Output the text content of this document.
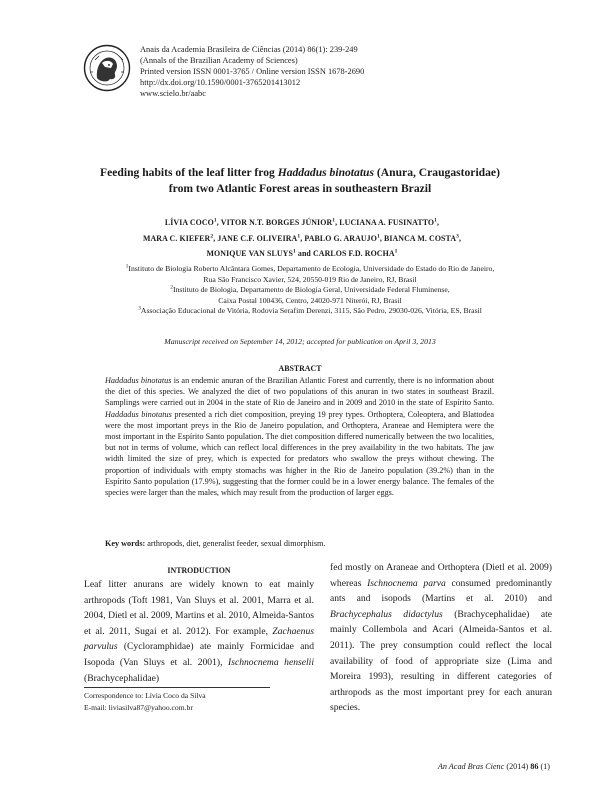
Anais da Academia Brasileira de Ciências (2014) 86(1): 239-249
(Annals of the Brazilian Academy of Sciences)
Printed version ISSN 0001-3765 / Online version ISSN 1678-2690
http://dx.doi.org/10.1590/0001-3765201413012
www.scielo.br/aabc
Feeding habits of the leaf litter frog Haddadus binotatus (Anura, Craugastoridae) from two Atlantic Forest areas in southeastern Brazil
LÍVIA COCO$^1$, VITOR N.T. BORGES JÚNIOR$^1$, LUCIANA A. FUSINATTO$^1$,
MARA C. KIEFER$^2$, JANE C.F. OLIVEIRA$^1$, PABLO G. ARAUJO$^1$, BIANCA M. COSTA$^3$,
MONIQUE VAN SLUYS$^1$ and CARLOS F.D. ROCHA$^1$
$^1$Instituto de Biologia Roberto Alcântara Gomes, Departamento de Ecologia, Universidade do Estado do Rio de Janeiro,
Rua São Francisco Xavier, 524, 20550-019 Rio de Janeiro, RJ, Brasil
$^2$Instituto de Biologia, Departamento de Biologia Geral, Universidade Federal Fluminense,
Caixa Postal 100436, Centro, 24020-971 Niterói, RJ, Brasil
$^3$Associação Educacional de Vitória, Rodovia Serafim Derenzi, 3115, São Pedro, 29030-026, Vitória, ES, Brasil
Manuscript received on September 14, 2012; accepted for publication on April 3, 2013
ABSTRACT
Haddadus binotatus is an endemic anuran of the Brazilian Atlantic Forest and currently, there is no information about the diet of this species. We analyzed the diet of two populations of this anuran in two states in southeast Brazil. Samplings were carried out in 2004 in the state of Rio de Janeiro and in 2009 and 2010 in the state of Espírito Santo. Haddadus binotatus presented a rich diet composition, preying 19 prey types. Orthoptera, Coleoptera, and Blattodea were the most important preys in the Rio de Janeiro population, and Orthoptera, Araneae and Hemiptera were the most important in the Espírito Santo population. The diet composition differed numerically between the two localities, but not in terms of volume, which can reflect local differences in the prey availability in the two habitats. The jaw width limited the size of prey, which is expected for predators who swallow the preys without chewing. The proportion of individuals with empty stomachs was higher in the Rio de Janeiro population (39.2%) than in the Espírito Santo population (17.9%), suggesting that the former could be in a lower energy balance. The females of the species were larger than the males, which may result from the production of larger eggs.
Key words: arthropods, diet, generalist feeder, sexual dimorphism.
INTRODUCTION
Leaf litter anurans are widely known to eat mainly arthropods (Toft 1981, Van Sluys et al. 2001, Marra et al. 2004, Dietl et al. 2009, Martins et al. 2010, Almeida-Santos et al. 2011, Sugai et al. 2012). For example, Zachaenus parvulus (Cycloramphidae) ate mainly Formicidae and Isopoda (Van Sluys et al. 2001), Ischnocnema henselii (Brachycephalidae)
fed mostly on Araneae and Orthoptera (Dietl et al. 2009) whereas Ischnocnema parva consumed predominantly ants and isopods (Martins et al. 2010) and Brachycephalus didactylus (Brachycephalidae) ate mainly Collembola and Acari (Almeida-Santos et al. 2011). The prey consumption could reflect the local availability of food of appropriate size (Lima and Moreira 1993), resulting in different categories of arthropods as the most important prey for each anuran species.
Correspondence to: Lívia Coco da Silva
E-mail: liviasilva87@yahoo.com.br
An Acad Bras Cienc (2014) 86 (1)
